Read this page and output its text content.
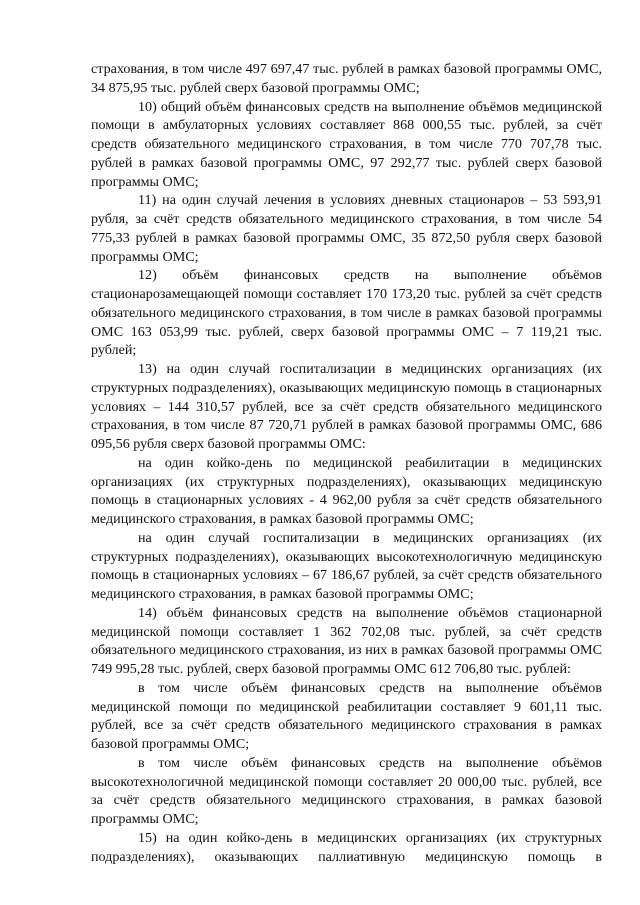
страхования, в том числе 497 697,47 тыс. рублей в рамках базовой программы ОМС, 34 875,95 тыс. рублей сверх базовой программы ОМС;

10) общий объём финансовых средств на выполнение объёмов медицинской помощи в амбулаторных условиях составляет 868 000,55 тыс. рублей, за счёт средств обязательного медицинского страхования, в том числе 770 707,78 тыс. рублей в рамках базовой программы ОМС, 97 292,77 тыс. рублей сверх базовой программы ОМС;

11) на один случай лечения в условиях дневных стационаров – 53 593,91 рубля, за счёт средств обязательного медицинского страхования, в том числе 54 775,33 рублей в рамках базовой программы ОМС, 35 872,50 рубля сверх базовой программы ОМС;

12) объём финансовых средств на выполнение объёмов стационарозамещающей помощи составляет 170 173,20 тыс. рублей за счёт средств обязательного медицинского страхования, в том числе в рамках базовой программы ОМС 163 053,99 тыс. рублей, сверх базовой программы ОМС – 7 119,21 тыс. рублей;

13) на один случай госпитализации в медицинских организациях (их структурных подразделениях), оказывающих медицинскую помощь в стационарных условиях – 144 310,57 рублей, все за счёт средств обязательного медицинского страхования, в том числе 87 720,71 рублей в рамках базовой программы ОМС, 686 095,56 рубля сверх базовой программы ОМС:

на один койко-день по медицинской реабилитации в медицинских организациях (их структурных подразделениях), оказывающих медицинскую помощь в стационарных условиях - 4 962,00 рубля за счёт средств обязательного медицинского страхования, в рамках базовой программы ОМС;

на один случай госпитализации в медицинских организациях (их структурных подразделениях), оказывающих высокотехнологичную медицинскую помощь в стационарных условиях – 67 186,67 рублей, за счёт средств обязательного медицинского страхования, в рамках базовой программы ОМС;

14) объём финансовых средств на выполнение объёмов стационарной медицинской помощи составляет 1 362 702,08 тыс. рублей, за счёт средств обязательного медицинского страхования, из них в рамках базовой программы ОМС 749 995,28 тыс. рублей, сверх базовой программы ОМС 612 706,80 тыс. рублей:

в том числе объём финансовых средств на выполнение объёмов медицинской помощи по медицинской реабилитации составляет 9 601,11 тыс. рублей, все за счёт средств обязательного медицинского страхования в рамках базовой программы ОМС;

в том числе объём финансовых средств на выполнение объёмов высокотехнологичной медицинской помощи составляет 20 000,00 тыс. рублей, все за счёт средств обязательного медицинского страхования, в рамках базовой программы ОМС;

15) на один койко-день в медицинских организациях (их структурных подразделениях), оказывающих паллиативную медицинскую помощь в
